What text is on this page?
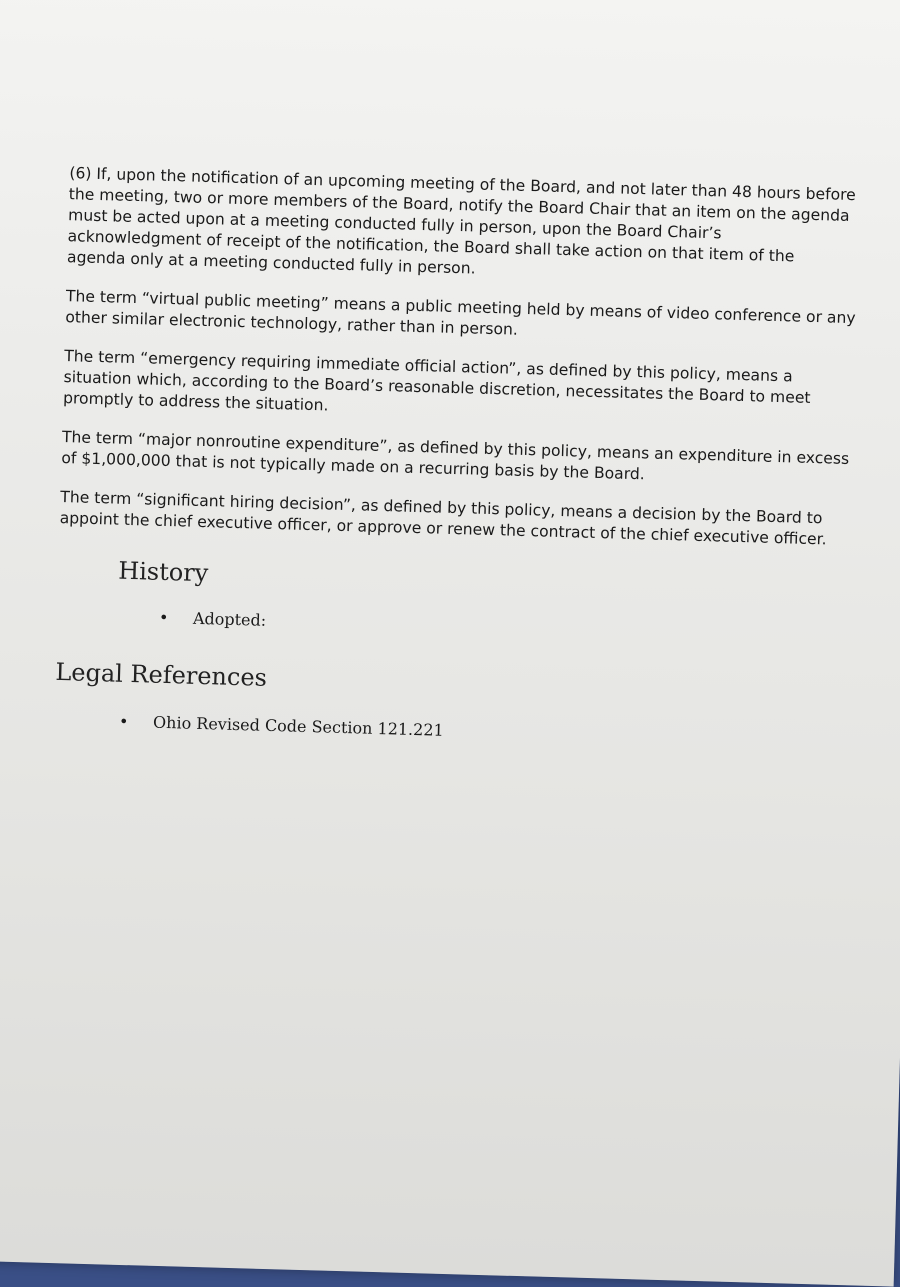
(6) If, upon the notification of an upcoming meeting of the Board, and not later than 48 hours before the meeting, two or more members of the Board, notify the Board Chair that an item on the agenda must be acted upon at a meeting conducted fully in person, upon the Board Chair’s acknowledgment of receipt of the notification, the Board shall take action on that item of the agenda only at a meeting conducted fully in person.

The term “virtual public meeting” means a public meeting held by means of video conference or any other similar electronic technology, rather than in person.

The term “emergency requiring immediate official action”, as defined by this policy, means a situation which, according to the Board’s reasonable discretion, necessitates the Board to meet promptly to address the situation.

The term “major nonroutine expenditure”, as defined by this policy, means an expenditure in excess of $1,000,000 that is not typically made on a recurring basis by the Board.

The term “significant hiring decision”, as defined by this policy, means a decision by the Board to appoint the chief executive officer, or approve or renew the contract of the chief executive officer.

History
• Adopted:
Legal References
• Ohio Revised Code Section 121.221
